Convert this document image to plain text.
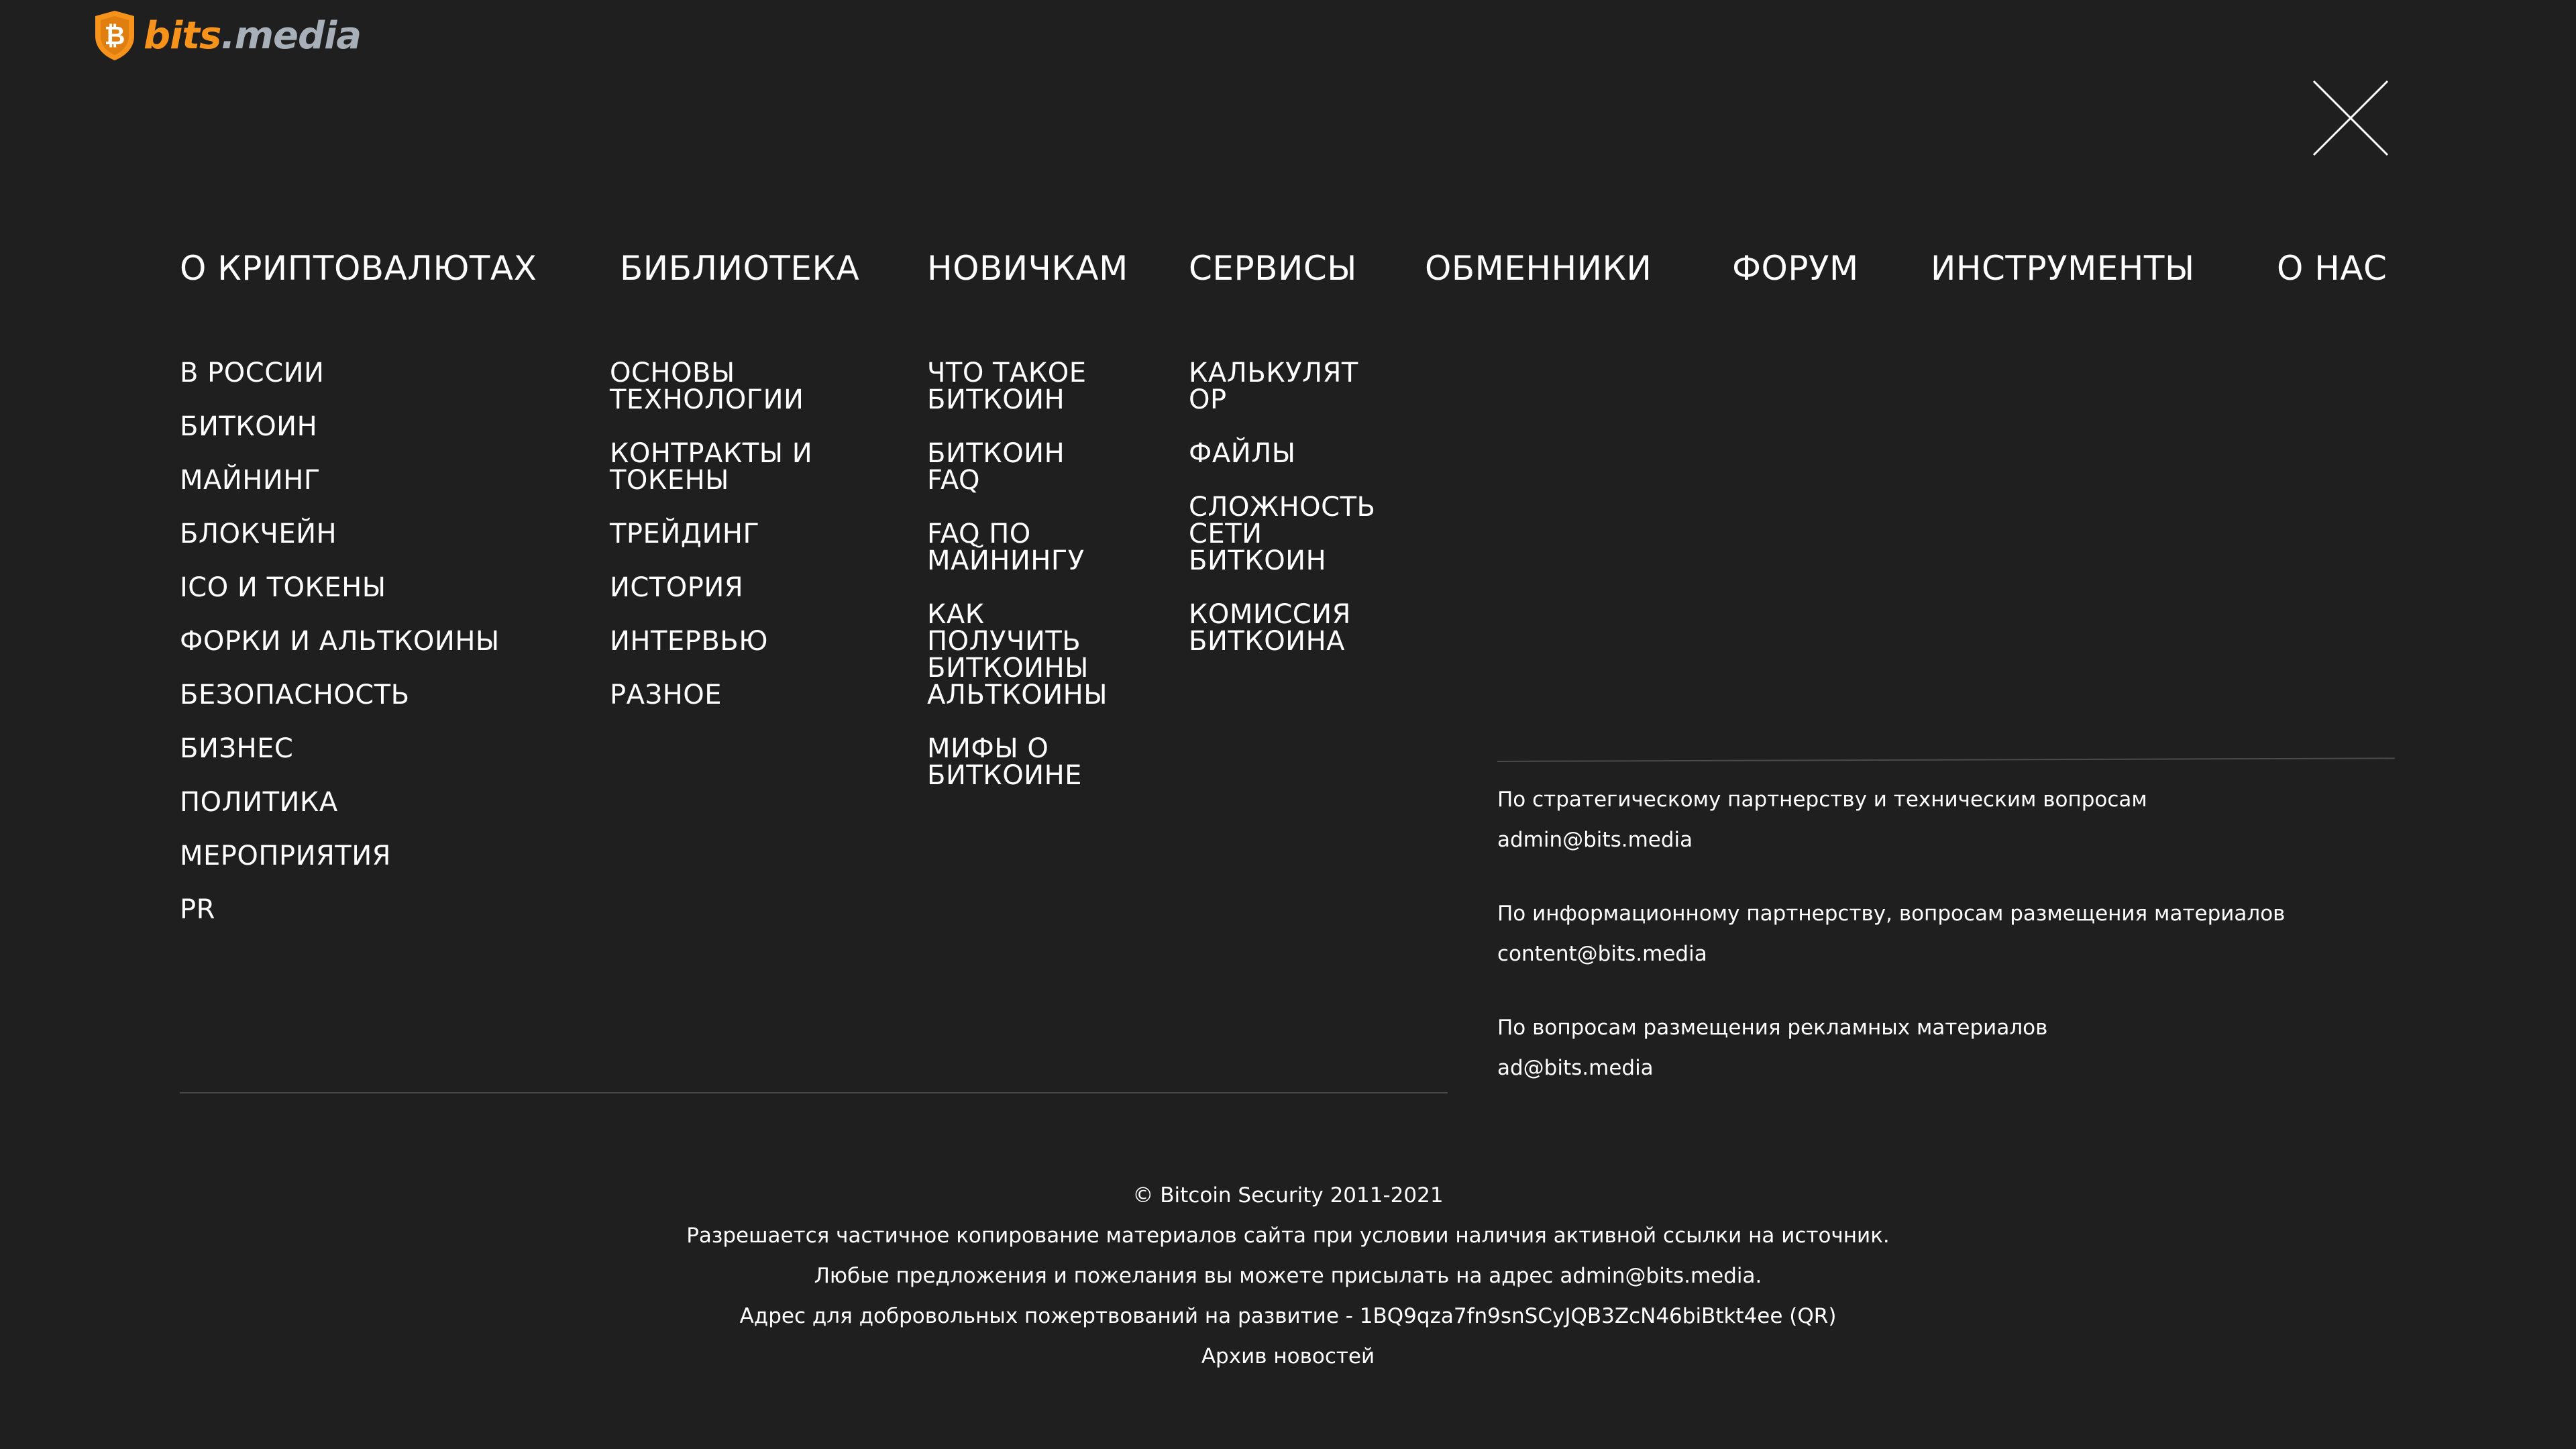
₿ bits.media
О КРИПТОВАЛЮТАХ БИБЛИОТЕКА НОВИЧКАМ СЕРВИСЫ ОБМЕННИКИ ФОРУМ ИНСТРУМЕНТЫ О НАС
В РОССИИ
БИТКОИН
МАЙНИНГ
БЛОКЧЕЙН
ICO И ТОКЕНЫ
ФОРКИ И АЛЬТКОИНЫ
БЕЗОПАСНОСТЬ
БИЗНЕС
ПОЛИТИКА
МЕРОПРИЯТИЯ
PR
ОСНОВЫ
ТЕХНОЛОГИИ
КОНТРАКТЫ И
ТОКЕНЫ
ТРЕЙДИНГ
ИСТОРИЯ
ИНТЕРВЬЮ
РАЗНОЕ
ЧТО ТАКОЕ
БИТКОИН
БИТКОИН
FAQ
FAQ ПО
МАЙНИНГУ
КАК
ПОЛУЧИТЬ
БИТКОИНЫ
АЛЬТКОИНЫ
МИФЫ О
БИТКОИНЕ
КАЛЬКУЛЯТ
ОР
ФАЙЛЫ
СЛОЖНОСТЬ
СЕТИ
БИТКОИН
КОМИССИЯ
БИТКОИНА
По стратегическому партнерству и техническим вопросам
admin@bits.media
По информационному партнерству, вопросам размещения материалов
content@bits.media
По вопросам размещения рекламных материалов
ad@bits.media
© Bitcoin Security 2011-2021
Разрешается частичное копирование материалов сайта при условии наличия активной ссылки на источник.
Любые предложения и пожелания вы можете присылать на адрес admin@bits.media.
Адрес для добровольных пожертвований на развитие - 1BQ9qza7fn9snSCyJQB3ZcN46biBtkt4ee (QR)
Архив новостей
